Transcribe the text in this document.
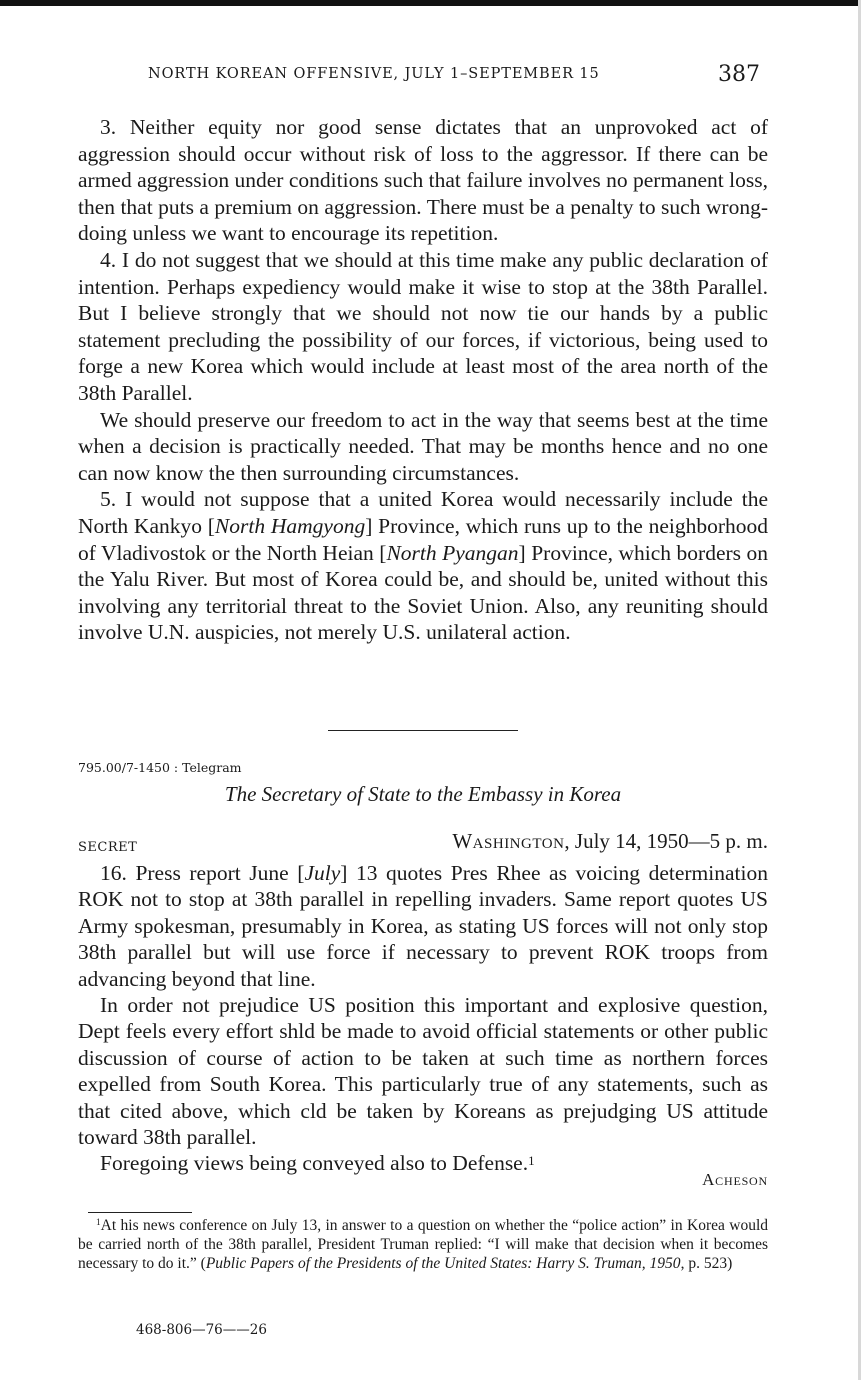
NORTH KOREAN OFFENSIVE, JULY 1–SEPTEMBER 15	387

3. Neither equity nor good sense dictates that an unprovoked act of aggression should occur without risk of loss to the aggressor. If there can be armed aggression under conditions such that failure involves no permanent loss, then that puts a premium on aggression. There must be a penalty to such wrong-doing unless we want to encourage its repetition.

4. I do not suggest that we should at this time make any public declaration of intention. Perhaps expediency would make it wise to stop at the 38th Parallel. But I believe strongly that we should not now tie our hands by a public statement precluding the possibility of our forces, if victorious, being used to forge a new Korea which would include at least most of the area north of the 38th Parallel.

We should preserve our freedom to act in the way that seems best at the time when a decision is practically needed. That may be months hence and no one can now know the then surrounding circumstances.

5. I would not suppose that a united Korea would necessarily include the North Kankyo [North Hamgyong] Province, which runs up to the neighborhood of Vladivostok or the North Heian [North Pyangan] Province, which borders on the Yalu River. But most of Korea could be, and should be, united without this involving any territorial threat to the Soviet Union. Also, any reuniting should involve U.N. auspicies, not merely U.S. unilateral action.

795.00/7-1450 : Telegram
The Secretary of State to the Embassy in Korea
SECRET	Washington, July 14, 1950—5 p. m.

16. Press report June [July] 13 quotes Pres Rhee as voicing determination ROK not to stop at 38th parallel in repelling invaders. Same report quotes US Army spokesman, presumably in Korea, as stating US forces will not only stop 38th parallel but will use force if necessary to prevent ROK troops from advancing beyond that line.

In order not prejudice US position this important and explosive question, Dept feels every effort shld be made to avoid official statements or other public discussion of course of action to be taken at such time as northern forces expelled from South Korea. This particularly true of any statements, such as that cited above, which cld be taken by Koreans as prejudging US attitude toward 38th parallel.

Foregoing views being conveyed also to Defense.$^1$

Acheson
$^1$At his news conference on July 13, in answer to a question on whether the “police action” in Korea would be carried north of the 38th parallel, President Truman replied: “I will make that decision when it becomes necessary to do it.” (Public Papers of the Presidents of the United States: Harry S. Truman, 1950, p. 523)
468-806—76——26
